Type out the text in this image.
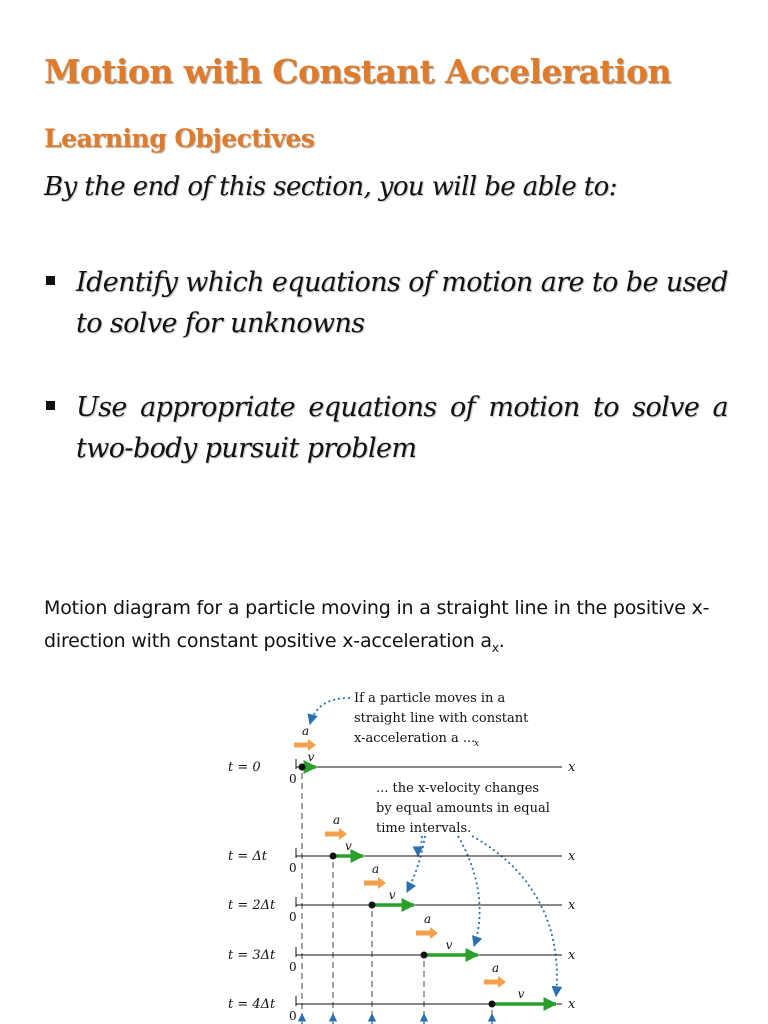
Motion with Constant Acceleration
Learning Objectives

By the end of this section, you will be able to:

Identify which equations of motion are to be used to solve for unknowns
Use appropriate equations of motion to solve a two-body pursuit problem

Motion diagram for a particle moving in a straight line in the positive x-direction with constant positive x-acceleration $a_x$.

If a particle moves in a
straight line with constant
x-acceleration a ...
x
... the x-velocity changes
by equal amounts in equal
time intervals.
t = 0
0
x
a
v
t = Δt
0
x
a
v
t = 2Δt
0
x
a
v
t = 3Δt
0
x
a
v
t = 4Δt
0
x
a
v
